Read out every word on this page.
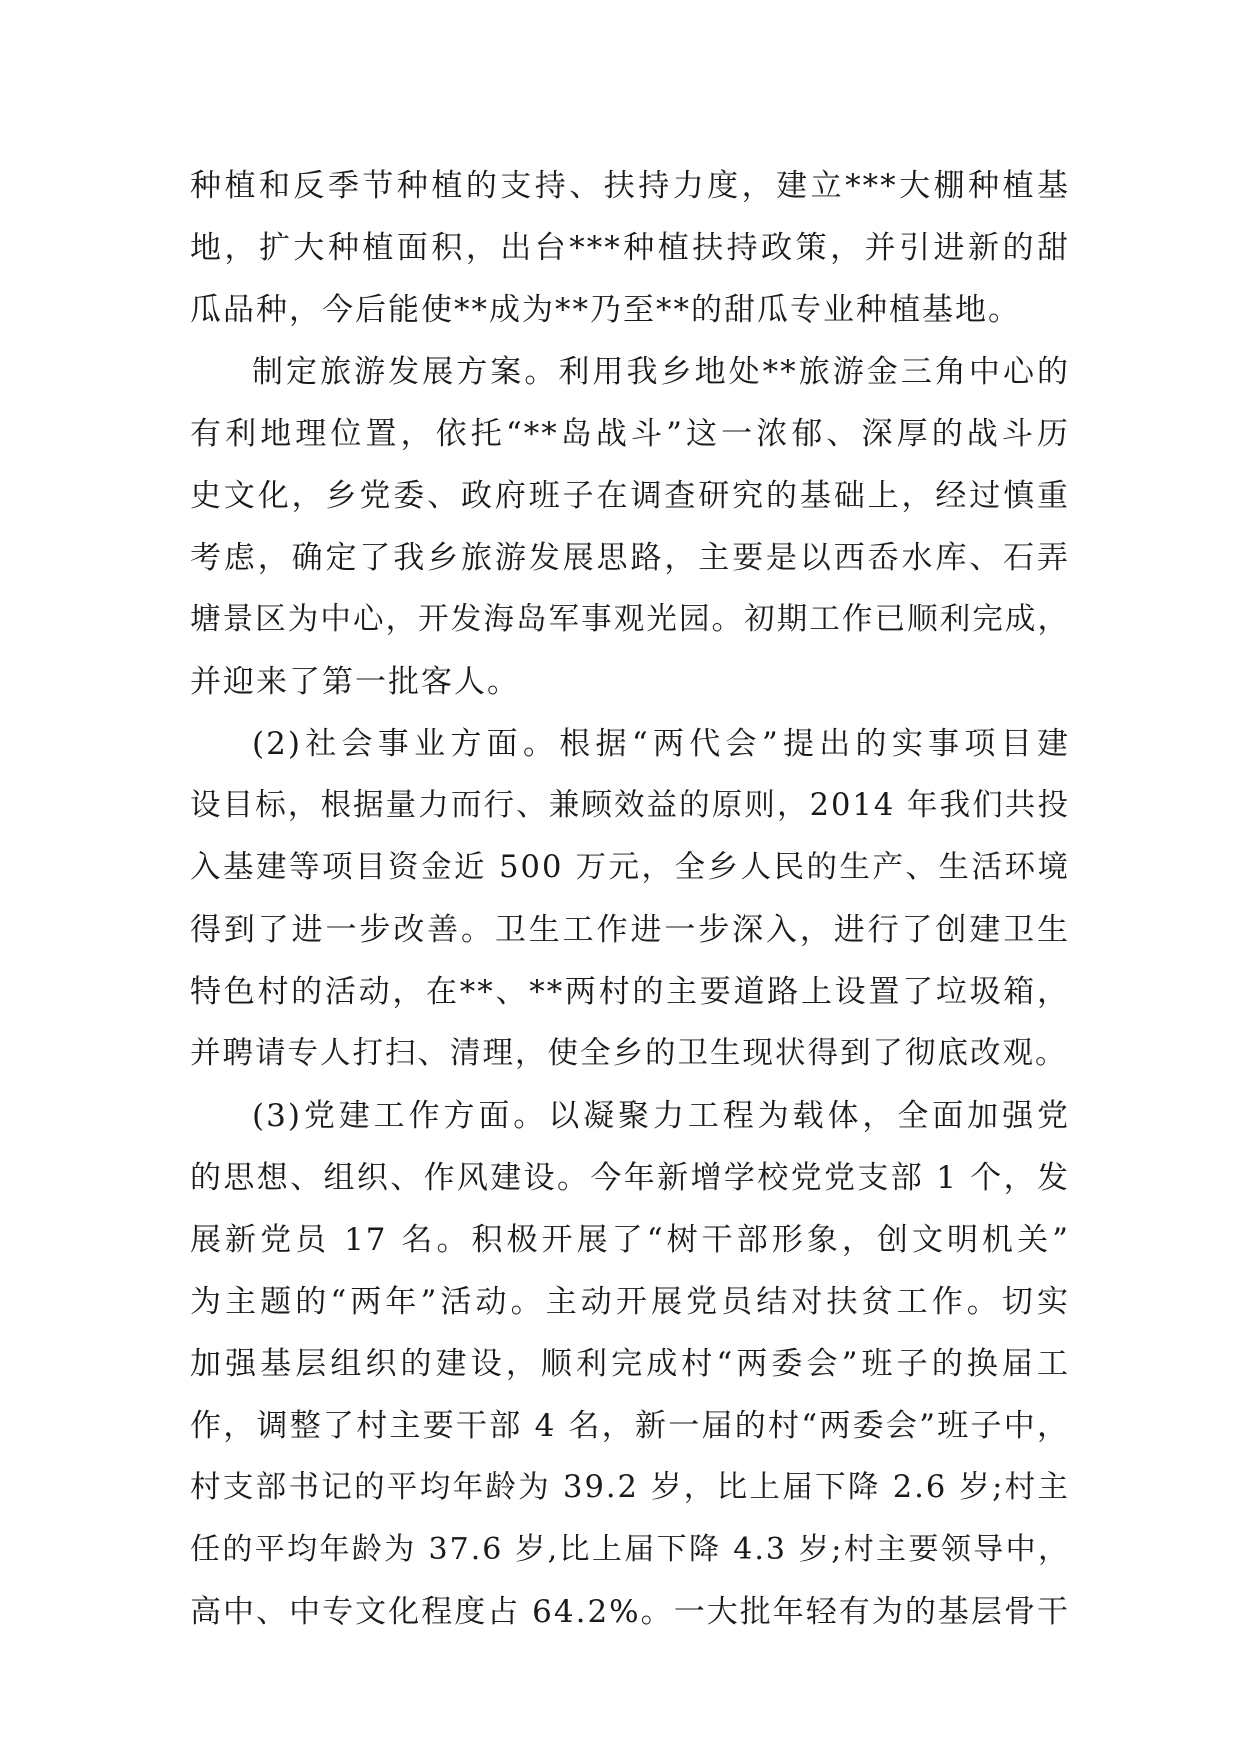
种植和反季节种植的支持、扶持力度，建立***大棚种植基
地，扩大种植面积，出台***种植扶持政策，并引进新的甜
瓜品种，今后能使**成为**乃至**的甜瓜专业种植基地。
制定旅游发展方案。利用我乡地处**旅游金三角中心的
有利地理位置，依托“**岛战斗”这一浓郁、深厚的战斗历
史文化，乡党委、政府班子在调查研究的基础上，经过慎重
考虑，确定了我乡旅游发展思路，主要是以西岙水库、石弄
塘景区为中心，开发海岛军事观光园。初期工作已顺利完成，
并迎来了第一批客人。
(2)社会事业方面。根据“两代会”提出的实事项目建
设目标，根据量力而行、兼顾效益的原则，2014 年我们共投
入基建等项目资金近 500 万元，全乡人民的生产、生活环境
得到了进一步改善。卫生工作进一步深入，进行了创建卫生
特色村的活动，在**、**两村的主要道路上设置了垃圾箱，
并聘请专人打扫、清理，使全乡的卫生现状得到了彻底改观。
(3)党建工作方面。以凝聚力工程为载体，全面加强党
的思想、组织、作风建设。今年新增学校党党支部 1 个，发
展新党员 17 名。积极开展了“树干部形象，创文明机关”
为主题的“两年”活动。主动开展党员结对扶贫工作。切实
加强基层组织的建设，顺利完成村“两委会”班子的换届工
作，调整了村主要干部 4 名，新一届的村“两委会”班子中，
村支部书记的平均年龄为 39.2 岁，比上届下降 2.6 岁;村主
任的平均年龄为 37.6 岁,比上届下降 4.3 岁;村主要领导中，
高中、中专文化程度占 64.2%。一大批年轻有为的基层骨干
